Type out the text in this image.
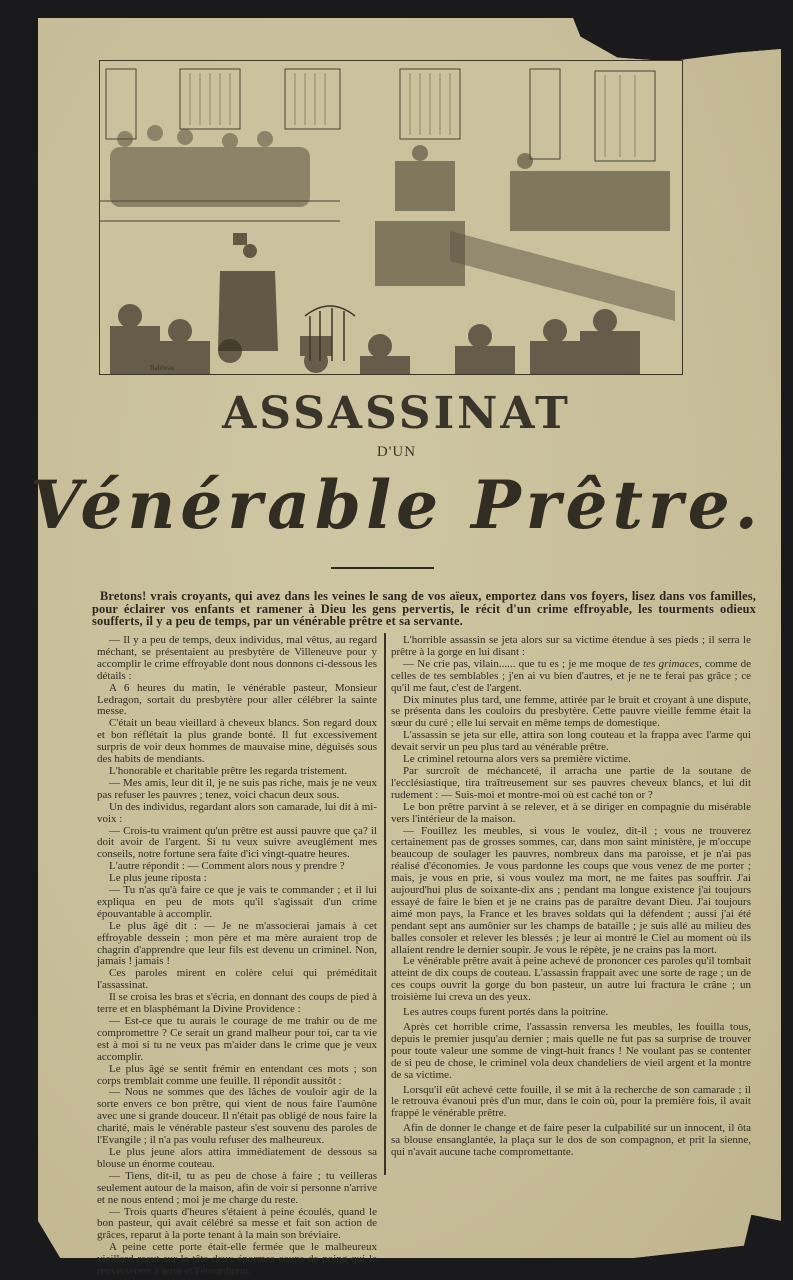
Rabbeau
ASSASSINAT
D'UN
Vénérable Prêtre.
Bretons! vrais croyants, qui avez dans les veines le sang de vos aïeux, emportez dans vos foyers, lisez dans vos familles, pour éclairer vos enfants et ramener à Dieu les gens pervertis, le récit d'un crime effroyable, les tourments odieux soufferts, il y a peu de temps, par un vénérable prêtre et sa servante.

— Il y a peu de temps, deux individus, mal vêtus, au regard méchant, se présentaient au presbytère de Villeneuve pour y accomplir le crime effroyable dont nous donnons ci-dessous les détails :

A 6 heures du matin, le vénérable pasteur, Monsieur Ledragon, sortait du presbytère pour aller célébrer la sainte messe.

C'était un beau vieillard à cheveux blancs. Son regard doux et bon réflétait la plus grande bonté. Il fut excessivement surpris de voir deux hommes de mauvaise mine, déguisés sous des habits de mendiants.

L'honorable et charitable prêtre les regarda tristement.

— Mes amis, leur dit il, je ne suis pas riche, mais je ne veux pas refuser les pauvres ; tenez, voici chacun deux sous.

Un des individus, regardant alors son camarade, lui dit à mi-voix :

— Crois-tu vraiment qu'un prêtre est aussi pauvre que ça? il doit avoir de l'argent. Si tu veux suivre aveuglément mes conseils, notre fortune sera faite d'ici vingt-quatre heures.

L'autre répondit : — Comment alors nous y prendre ?

Le plus jeune riposta :

— Tu n'as qu'à faire ce que je vais te commander ; et il lui expliqua en peu de mots qu'il s'agissait d'un crime épouvantable à accomplir.

Le plus âgé dit : — Je ne m'associerai jamais à cet effroyable dessein ; mon père et ma mère auraient trop de chagrin d'apprendre que leur fils est devenu un criminel. Non, jamais ! jamais !

Ces paroles mirent en colère celui qui préméditait l'assassinat.

Il se croisa les bras et s'écria, en donnant des coups de pied à terre et en blasphémant la Divine Providence :

— Est-ce que tu aurais le courage de me trahir ou de me compromettre ? Ce serait un grand malheur pour toi, car ta vie est à moi si tu ne veux pas m'aider dans le crime que je veux accomplir.

Le plus âgé se sentit frémir en entendant ces mots ; son corps tremblait comme une feuille. Il répondit aussitôt :

— Nous ne sommes que des lâches de vouloir agir de la sorte envers ce bon prêtre, qui vient de nous faire l'aumône avec une si grande douceur. Il n'était pas obligé de nous faire la charité, mais le vénérable pasteur s'est souvenu des paroles de l'Evangile ; il n'a pas voulu refuser des malheureux.

Le plus jeune alors attira immédiatement de dessous sa blouse un énorme couteau.

— Tiens, dit-il, tu as peu de chose à faire ; tu veilleras seulement autour de la maison, afin de voir si personne n'arrive et ne nous entend ; moi je me charge du reste.

— Trois quarts d'heures s'étaient à peine écoulés, quand le bon pasteur, qui avait célébré sa messe et fait son action de grâces, reparut à la porte tenant à la main son bréviaire.

A peine cette porte était-elle fermée que le malheureux vieillard reçut sur la tête deux énormes coups de poing qui le renversèrent à terre et l'étourdirent.

L'horrible assassin se jeta alors sur sa victime étendue à ses pieds ; il serra le prêtre à la gorge en lui disant :

— Ne crie pas, vilain...... que tu es ; je me moque de tes grimaces, comme de celles de tes semblables ; j'en ai vu bien d'autres, et je ne te ferai pas grâce ; ce qu'il me faut, c'est de l'argent.

Dix minutes plus tard, une femme, attirée par le bruit et croyant à une dispute, se présenta dans les couloirs du presbytère. Cette pauvre vieille femme était la sœur du curé ; elle lui servait en même temps de domestique.

L'assassin se jeta sur elle, attira son long couteau et la frappa avec l'arme qui devait servir un peu plus tard au vénérable prêtre.

Le criminel retourna alors vers sa première victime.

Par surcroît de méchanceté, il arracha une partie de la soutane de l'ecclésiastique, tira traîtreusement sur ses pauvres cheveux blancs, et lui dit rudement : — Suis-moi et montre-moi où est caché ton or ?

Le bon prêtre parvint à se relever, et à se diriger en compagnie du misérable vers l'intérieur de la maison.

— Fouillez les meubles, si vous le voulez, dit-il ; vous ne trouverez certainement pas de grosses sommes, car, dans mon saint ministère, je m'occupe beaucoup de soulager les pauvres, nombreux dans ma paroisse, et je n'ai pas réalisé d'économies. Je vous pardonne les coups que vous venez de me porter ; mais, je vous en prie, si vous voulez ma mort, ne me faites pas souffrir. J'ai aujourd'hui plus de soixante-dix ans ; pendant ma longue existence j'ai toujours essayé de faire le bien et je ne crains pas de paraître devant Dieu. J'ai toujours aimé mon pays, la France et les braves soldats qui la défendent ; aussi j'ai été pendant sept ans aumônier sur les champs de bataille ; je suis allé au milieu des balles consoler et relever les blessés ; je leur ai montré le Ciel au moment où ils allaient rendre le dernier soupir. Je vous le répète, je ne crains pas la mort.

Le vénérable prêtre avait à peine achevé de prononcer ces paroles qu'il tombait atteint de dix coups de couteau. L'assassin frappait avec une sorte de rage ; un de ces coups ouvrit la gorge du bon pasteur, un autre lui fractura le crâne ; un troisième lui creva un des yeux.

Les autres coups furent portés dans la poitrine.

Après cet horrible crime, l'assassin renversa les meubles, les fouilla tous, depuis le premier jusqu'au dernier ; mais quelle ne fut pas sa surprise de trouver pour toute valeur une somme de vingt-huit francs ! Ne voulant pas se contenter de si peu de chose, le criminel vola deux chandeliers de vieil argent et la montre de sa victime.

Lorsqu'il eût achevé cette fouille, il se mit à la recherche de son camarade ; il le retrouva évanoui près d'un mur, dans le coin où, pour la première fois, il avait frappé le vénérable prêtre.

Afin de donner le change et de faire peser la culpabilité sur un innocent, il ôta sa blouse ensanglantée, la plaça sur le dos de son compagnon, et prit la sienne, qui n'avait aucune tache compromettante.
